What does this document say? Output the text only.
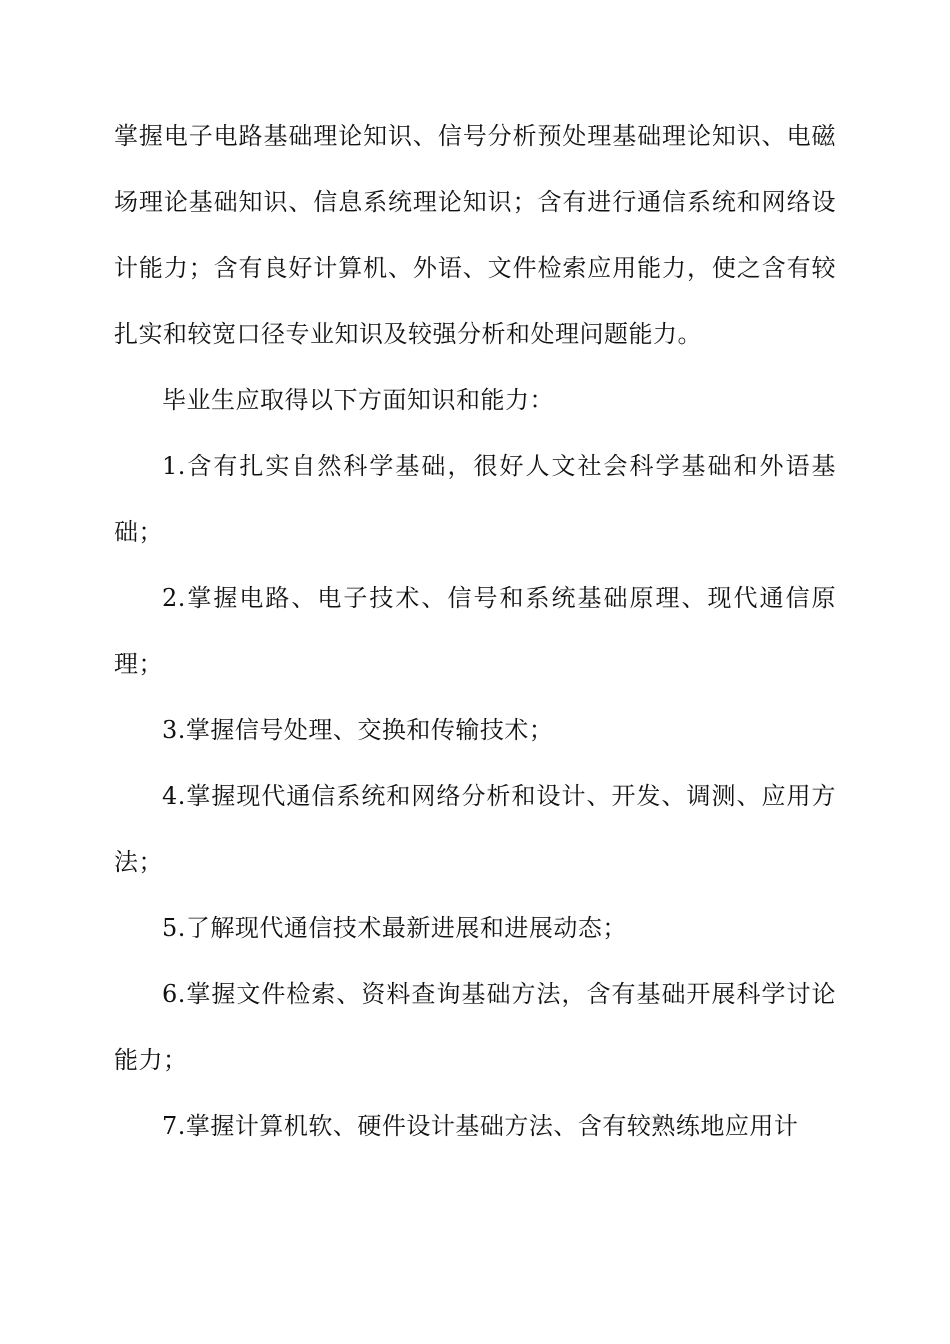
掌握电子电路基础理论知识、信号分析预处理基础理论知识、电磁场理论基础知识、信息系统理论知识；含有进行通信系统和网络设计能力；含有良好计算机、外语、文件检索应用能力，使之含有较扎实和较宽口径专业知识及较强分析和处理问题能力。

毕业生应取得以下方面知识和能力：

1.含有扎实自然科学基础，很好人文社会科学基础和外语基础；

2.掌握电路、电子技术、信号和系统基础原理、现代通信原理；

3.掌握信号处理、交换和传输技术；

4.掌握现代通信系统和网络分析和设计、开发、调测、应用方法；

5.了解现代通信技术最新进展和进展动态；

6.掌握文件检索、资料查询基础方法，含有基础开展科学讨论能力；

7.掌握计算机软、硬件设计基础方法、含有较熟练地应用计
